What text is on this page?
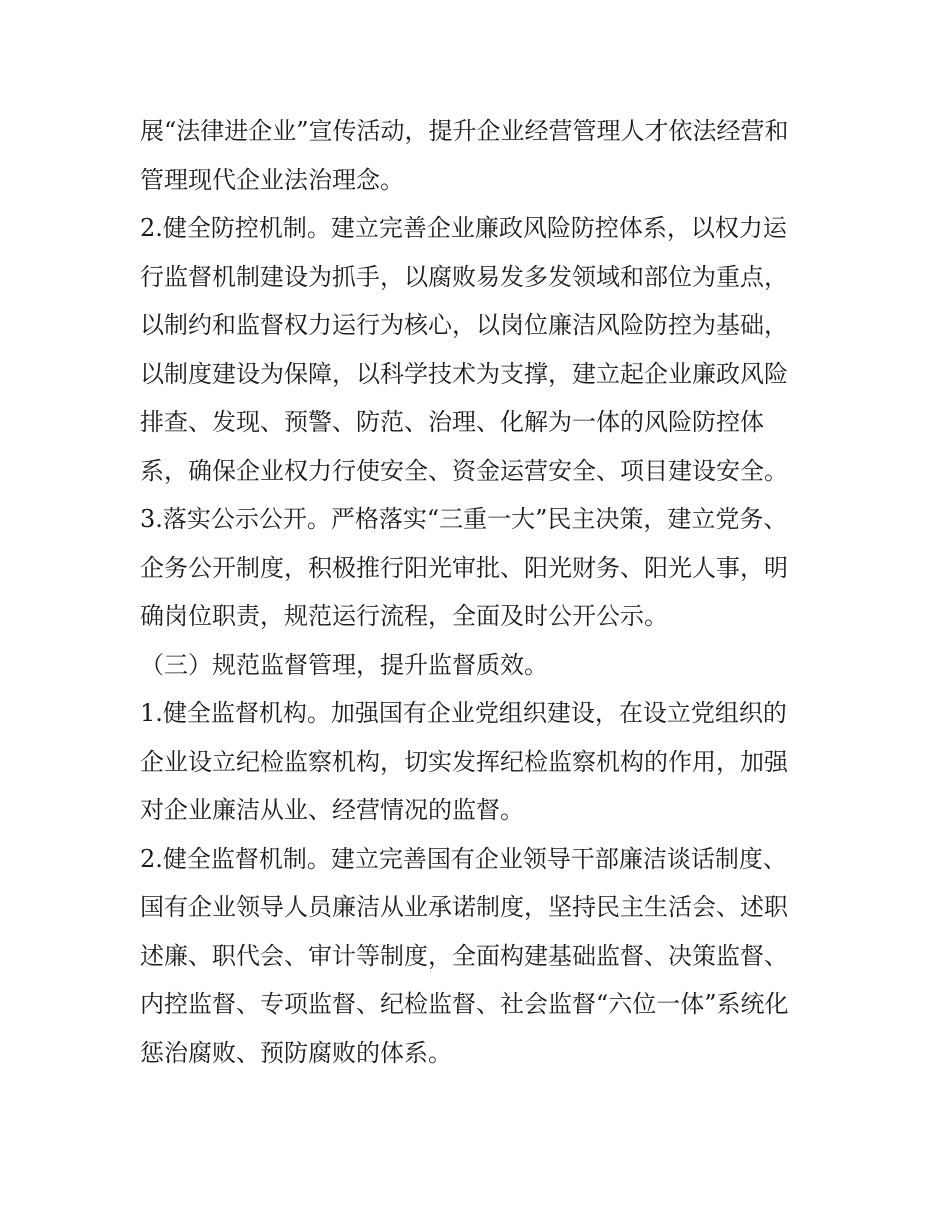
展“法律进企业”宣传活动，提升企业经营管理人才依法经营和
管理现代企业法治理念。
2.健全防控机制。建立完善企业廉政风险防控体系，以权力运
行监督机制建设为抓手，以腐败易发多发领域和部位为重点，
以制约和监督权力运行为核心，以岗位廉洁风险防控为基础，
以制度建设为保障，以科学技术为支撑，建立起企业廉政风险
排查、发现、预警、防范、治理、化解为一体的风险防控体
系，确保企业权力行使安全、资金运营安全、项目建设安全。
3.落实公示公开。严格落实“三重一大”民主决策，建立党务、
企务公开制度，积极推行阳光审批、阳光财务、阳光人事，明
确岗位职责，规范运行流程，全面及时公开公示。
（三）规范监督管理，提升监督质效。
1.健全监督机构。加强国有企业党组织建设，在设立党组织的
企业设立纪检监察机构，切实发挥纪检监察机构的作用，加强
对企业廉洁从业、经营情况的监督。
2.健全监督机制。建立完善国有企业领导干部廉洁谈话制度、
国有企业领导人员廉洁从业承诺制度，坚持民主生活会、述职
述廉、职代会、审计等制度，全面构建基础监督、决策监督、
内控监督、专项监督、纪检监督、社会监督“六位一体”系统化
惩治腐败、预防腐败的体系。
